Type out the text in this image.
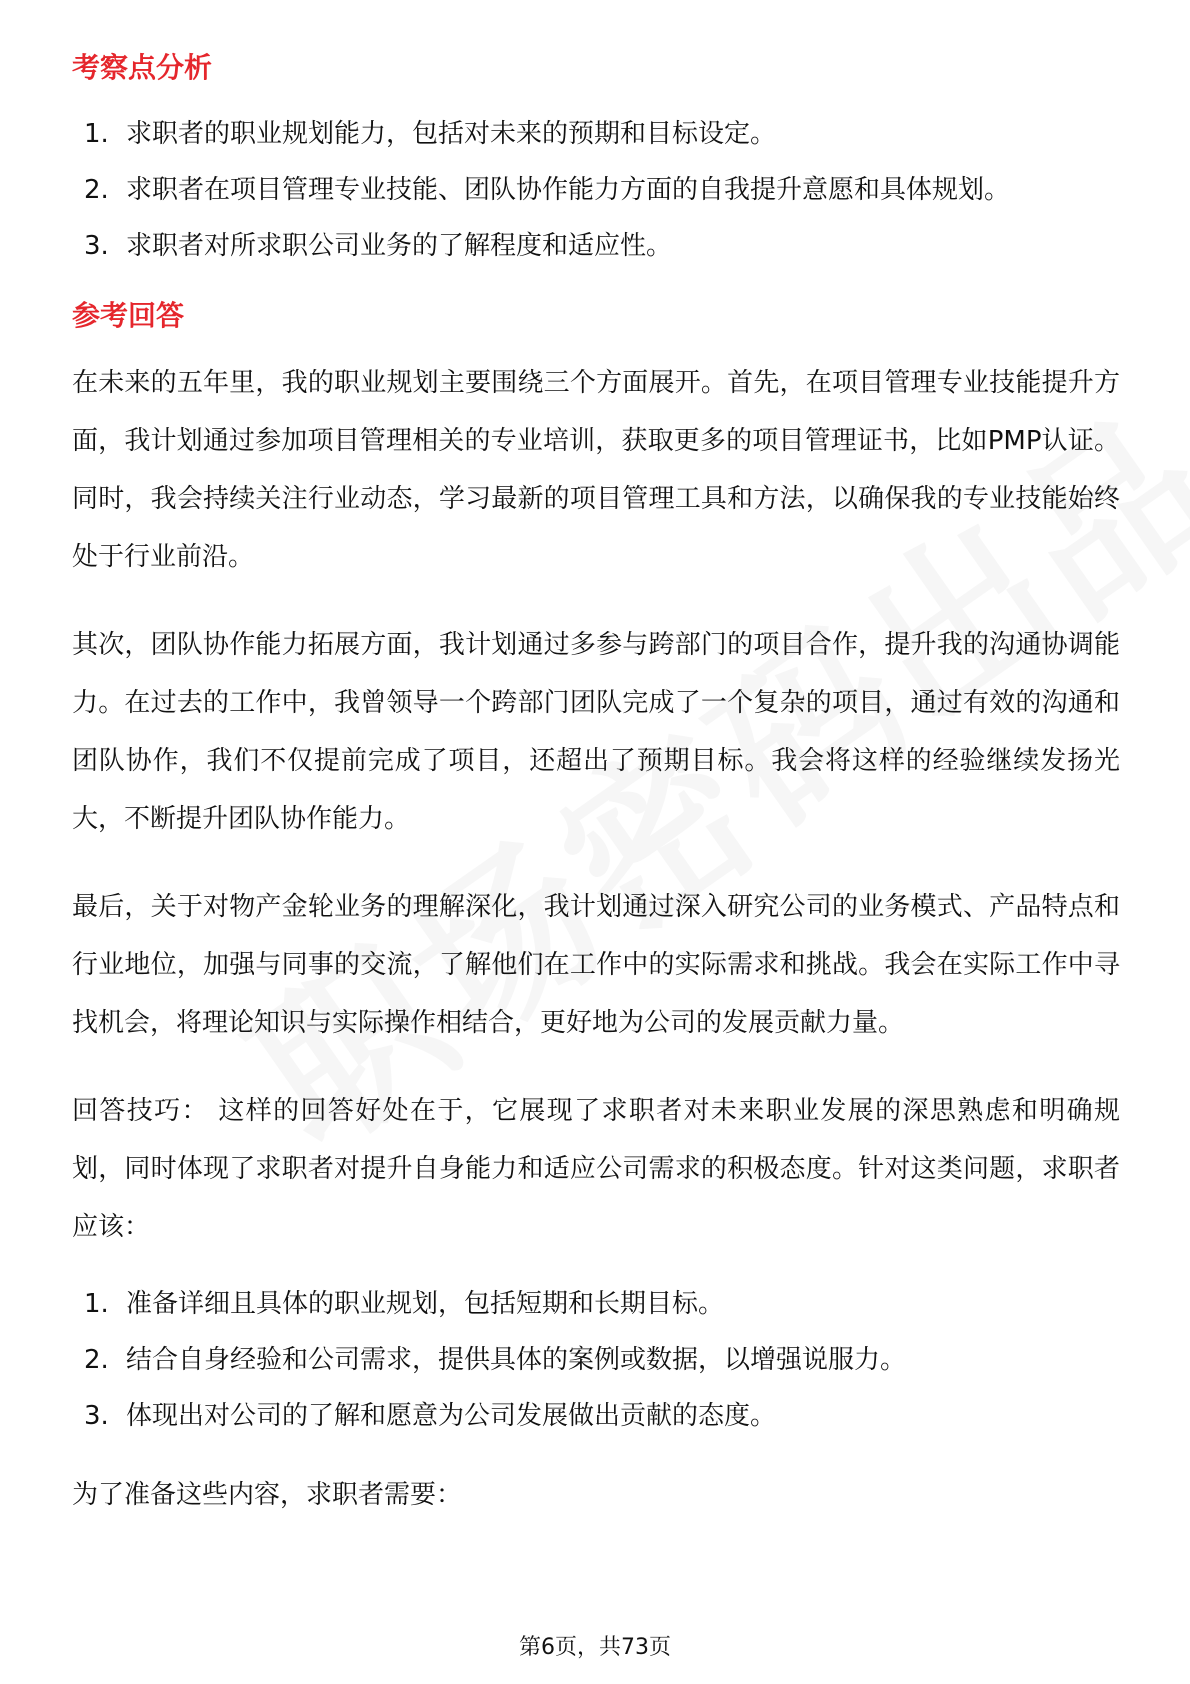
考察点分析
1. 求职者的职业规划能力，包括对未来的预期和目标设定。
2. 求职者在项目管理专业技能、团队协作能力方面的自我提升意愿和具体规划。
3. 求职者对所求职公司业务的了解程度和适应性。
参考回答

在未来的五年里，我的职业规划主要围绕三个方面展开。首先，在项目管理专业技能提升方面，我计划通过参加项目管理相关的专业培训，获取更多的项目管理证书，比如PMP认证。同时，我会持续关注行业动态，学习最新的项目管理工具和方法，以确保我的专业技能始终处于行业前沿。

其次，团队协作能力拓展方面，我计划通过多参与跨部门的项目合作，提升我的沟通协调能力。在过去的工作中，我曾领导一个跨部门团队完成了一个复杂的项目，通过有效的沟通和团队协作，我们不仅提前完成了项目，还超出了预期目标。我会将这样的经验继续发扬光大，不断提升团队协作能力。

最后，关于对物产金轮业务的理解深化，我计划通过深入研究公司的业务模式、产品特点和行业地位，加强与同事的交流，了解他们在工作中的实际需求和挑战。我会在实际工作中寻找机会，将理论知识与实际操作相结合，更好地为公司的发展贡献力量。

回答技巧： 这样的回答好处在于，它展现了求职者对未来职业发展的深思熟虑和明确规划，同时体现了求职者对提升自身能力和适应公司需求的积极态度。针对这类问题，求职者应该：

1. 准备详细且具体的职业规划，包括短期和长期目标。
2. 结合自身经验和公司需求，提供具体的案例或数据，以增强说服力。
3. 体现出对公司的了解和愿意为公司发展做出贡献的态度。

为了准备这些内容，求职者需要：

第6页，共73页
